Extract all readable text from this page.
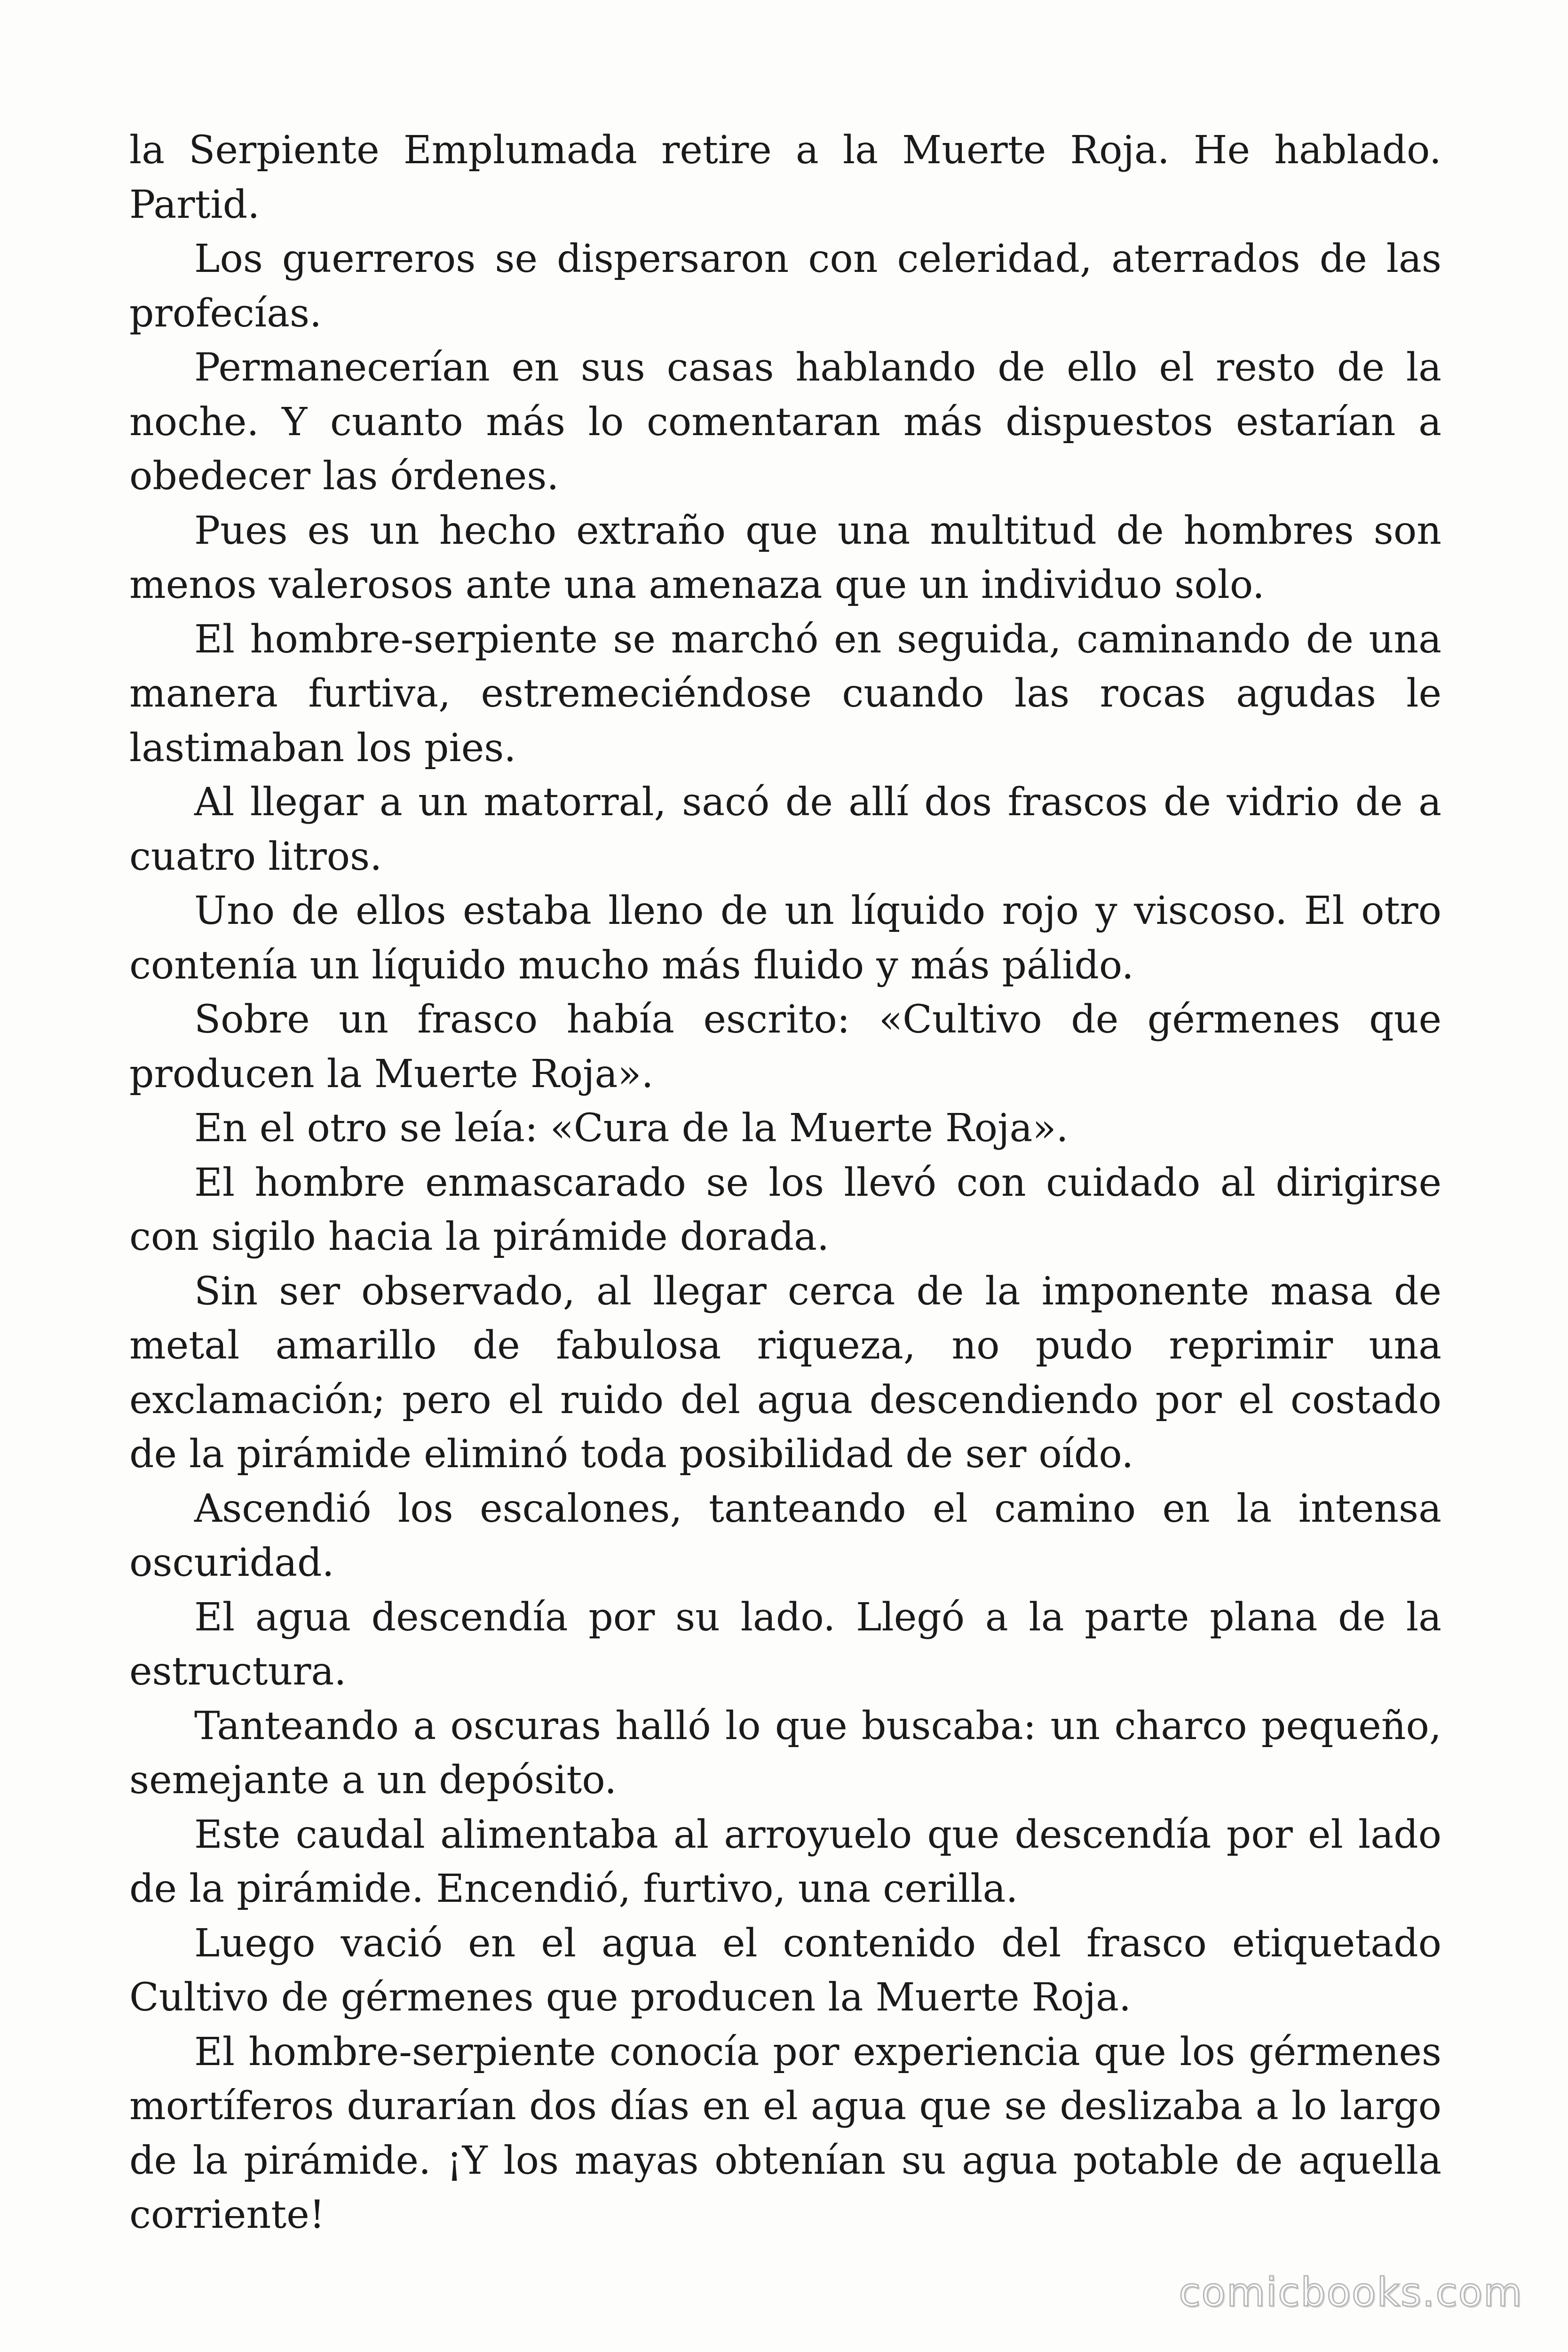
la Serpiente Emplumada retire a la Muerte Roja. He hablado. Partid.

Los guerreros se dispersaron con celeridad, aterrados de las profecías.

Permanecerían en sus casas hablando de ello el resto de la noche. Y cuanto más lo comentaran más dispuestos estarían a obedecer las órdenes.

Pues es un hecho extraño que una multitud de hombres son menos valerosos ante una amenaza que un individuo solo.

El hombre-serpiente se marchó en seguida, caminando de una manera furtiva, estremeciéndose cuando las rocas agudas le lastimaban los pies.

Al llegar a un matorral, sacó de allí dos frascos de vidrio de a cuatro litros.

Uno de ellos estaba lleno de un líquido rojo y viscoso. El otro contenía un líquido mucho más fluido y más pálido.

Sobre un frasco había escrito: «Cultivo de gérmenes que producen la Muerte Roja».

En el otro se leía: «Cura de la Muerte Roja».

El hombre enmascarado se los llevó con cuidado al dirigirse con sigilo hacia la pirámide dorada.

Sin ser observado, al llegar cerca de la imponente masa de metal amarillo de fabulosa riqueza, no pudo reprimir una exclamación; pero el ruido del agua descendiendo por el costado de la pirámide eliminó toda posibilidad de ser oído.

Ascendió los escalones, tanteando el camino en la intensa oscuridad.

El agua descendía por su lado. Llegó a la parte plana de la estructura.

Tanteando a oscuras halló lo que buscaba: un charco pequeño, semejante a un depósito.

Este caudal alimentaba al arroyuelo que descendía por el lado de la pirámide. Encendió, furtivo, una cerilla.

Luego vació en el agua el contenido del frasco etiquetado Cultivo de gérmenes que producen la Muerte Roja.

El hombre-serpiente conocía por experiencia que los gérmenes mortíferos durarían dos días en el agua que se deslizaba a lo largo de la pirámide. ¡Y los mayas obtenían su agua potable de aquella corriente!

comicbooks.com
